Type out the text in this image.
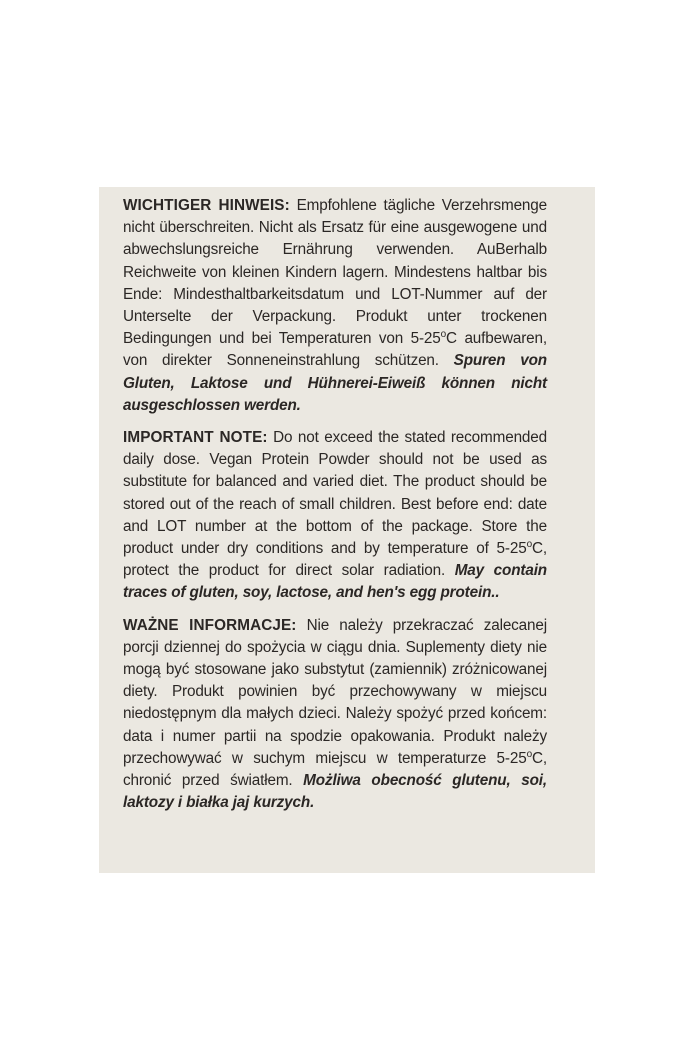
WICHTIGER HINWEIS: Empfohlene tägliche Verzehrsmenge nicht überschreiten. Nicht als Ersatz für eine ausgewogene und abwechslungsreiche Ernährung verwenden. AuBerhalb Reichweite von kleinen Kindern lagern. Mindestens haltbar bis Ende: Mindesthaltbarkeitsdatum und LOT-Nummer auf der Unterselte der Verpackung. Produkt unter trockenen Bedingungen und bei Temperaturen von 5-25$^o$C aufbewaren, von direkter Sonneneinstrahlung schützen. Spuren von Gluten, Laktose und Hühnerei-Eiweiß können nicht ausgeschlossen werden.

IMPORTANT NOTE: Do not exceed the stated recommended daily dose. Vegan Protein Powder should not be used as substitute for balanced and varied diet. The product should be stored out of the reach of small children. Best before end: date and LOT number at the bottom of the package. Store the product under dry conditions and by temperature of 5-25$^o$C, protect the product for direct solar radiation. May contain traces of gluten, soy, lactose, and hen's egg protein..

WAŻNE INFORMACJE: Nie należy przekraczać zalecanej porcji dziennej do spożycia w ciągu dnia. Suplementy diety nie mogą być stosowane jako substytut (zamiennik) zróżnicowanej diety. Produkt powinien być przechowywany w miejscu niedostępnym dla małych dzieci. Należy spożyć przed końcem: data i numer partii na spodzie opakowania. Produkt należy przechowywać w suchym miejscu w temperaturze 5-25$^o$C, chronić przed światłem. Możliwa obecność glutenu, soi, laktozy i białka jaj kurzych.
